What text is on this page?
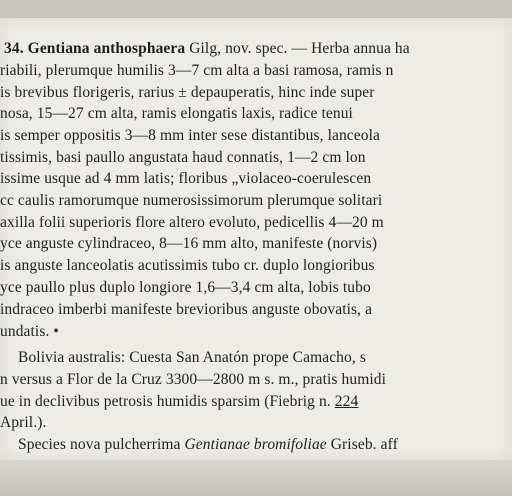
34. Gentiana anthosphaera Gilg, nov. spec. — Herba annua ha
riabili, plerumque humilis 3—7 cm alta a basi ramosa, ramis n
is brevibus florigeris, rarius ± depauperatis, hinc inde super
nosa, 15—27 cm alta, ramis elongatis laxis, radice tenui
is semper oppositis 3—8 mm inter sese distantibus, lanceola
tissimis, basi paullo angustata haud connatis, 1—2 cm lon
issime usque ad 4 mm latis; floribus „violaceo-coerulescen
cc caulis ramorumque numerosissimorum plerumque solitari
axilla folii superioris flore altero evoluto, pedicellis 4—20 m
yce anguste cylindraceo, 8—16 mm alto, manifeste (norvis)
is anguste lanceolatis acutissimis tubo cr. duplo longioribus
yce paullo plus duplo longiore 1,6—3,4 cm alta, lobis tubo
indraceo imberbi manifeste brevioribus anguste obovatis, a
undatis. •
Bolivia australis: Cuesta San Anatón prope Camacho, s
n versus a Flor de la Cruz 3300—2800 m s. m., pratis humidi
ue in declivibus petrosis humidis sparsim (Fiebrig n. 224
April.).
Species nova pulcherrima Gentianae bromifoliae Griseb. aff
